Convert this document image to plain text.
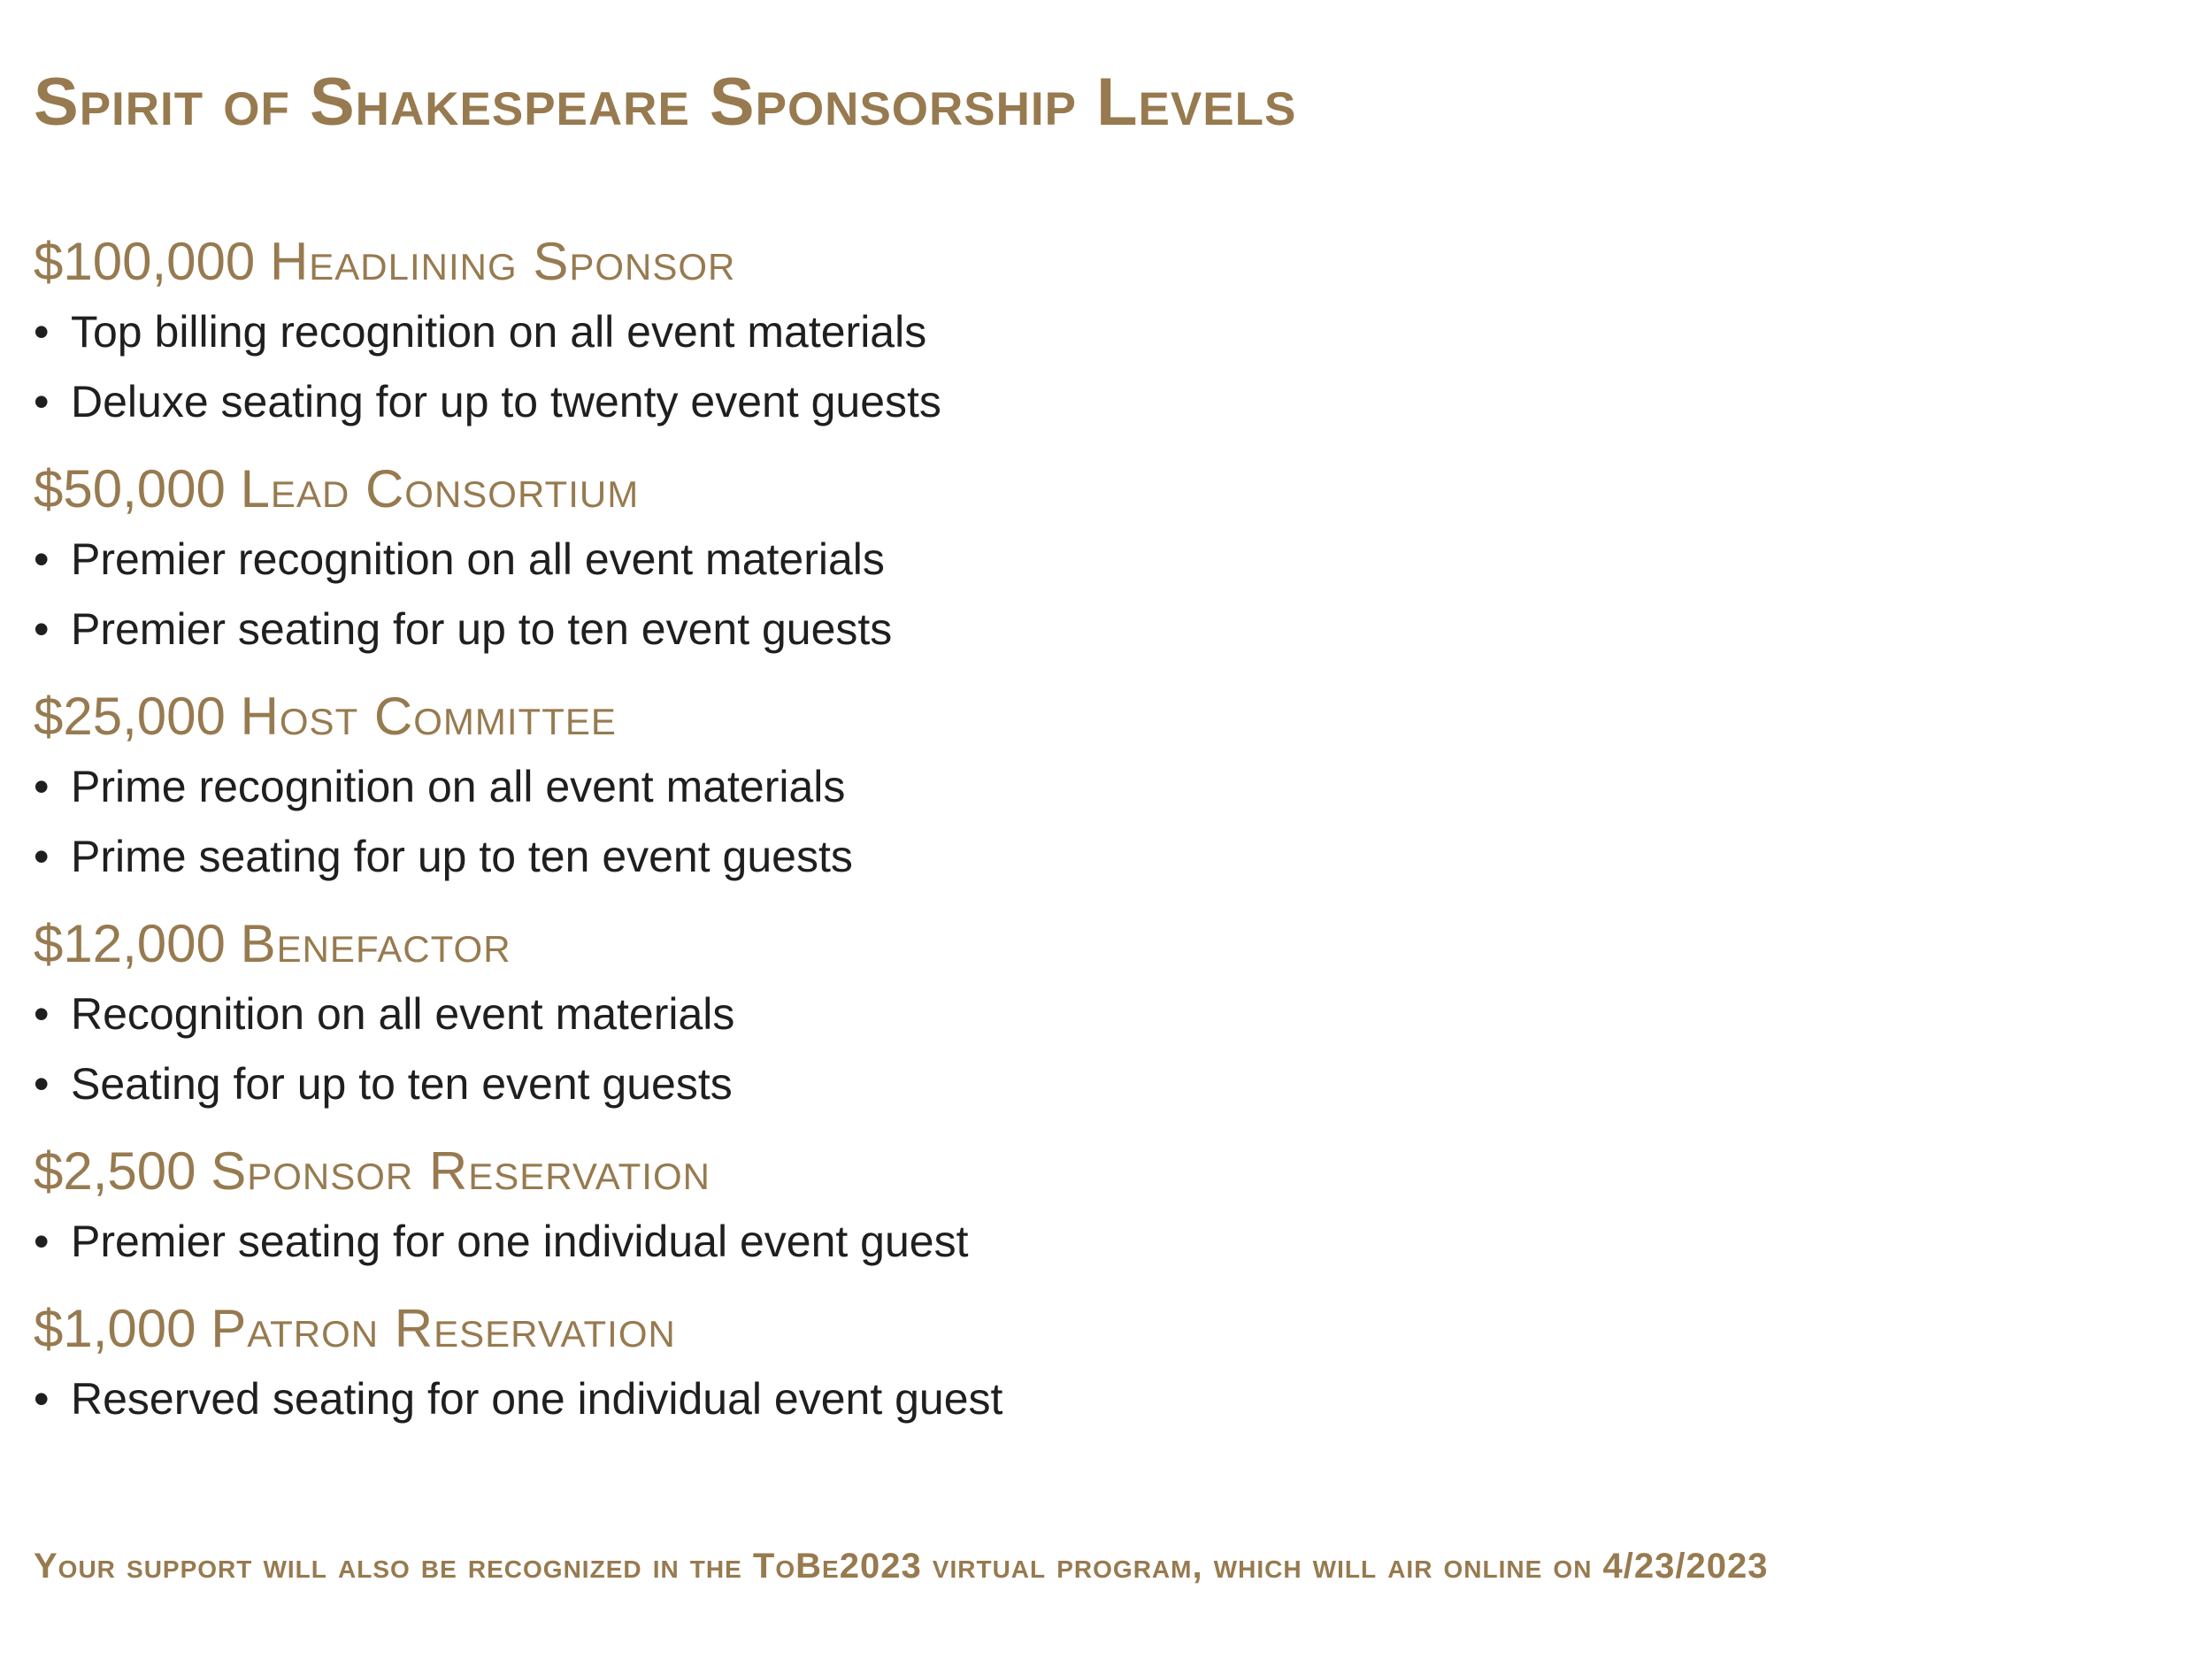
Spirit of Shakespeare Sponsorship Levels
$100,000 Headlining Sponsor
• Top billing recognition on all event materials
• Deluxe seating for up to twenty event guests
$50,000 Lead Consortium
• Premier recognition on all event materials
• Premier seating for up to ten event guests
$25,000 Host Committee
• Prime recognition on all event materials
• Prime seating for up to ten event guests
$12,000 Benefactor
• Recognition on all event materials
• Seating for up to ten event guests
$2,500 Sponsor Reservation
• Premier seating for one individual event guest
$1,000 Patron Reservation
• Reserved seating for one individual event guest

Your support will also be recognized in the ToBe2023 virtual program, which will air online on 4/23/2023
